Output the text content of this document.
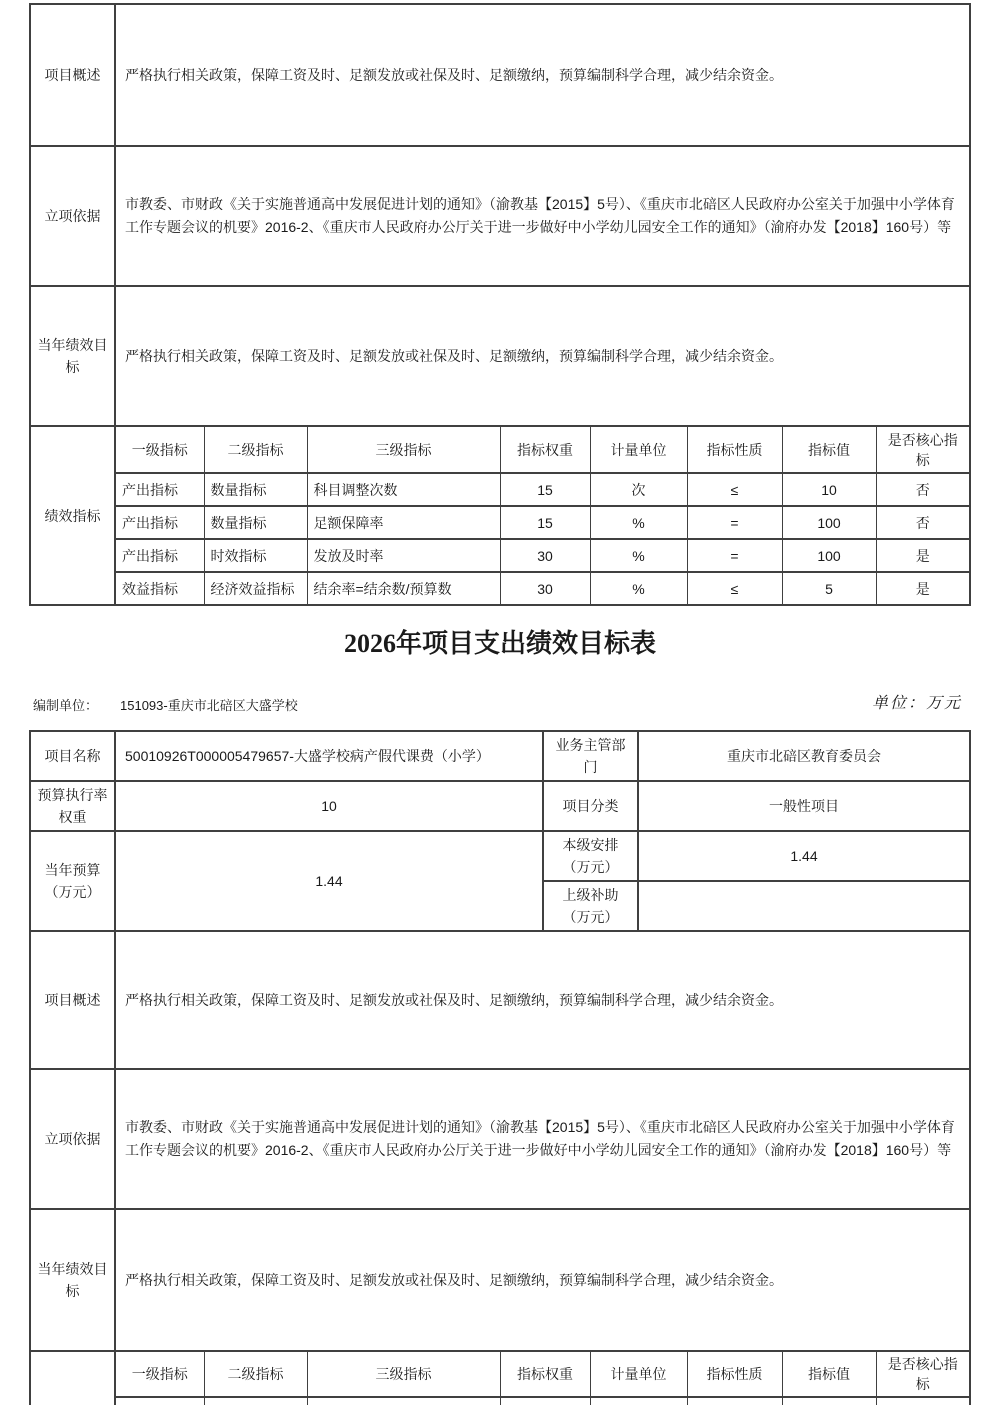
项目概述	严格执行相关政策，保障工资及时、足额发放或社保及时、足额缴纳，预算编制科学合理，减少结余资金。							
立项依据	市教委、市财政《关于实施普通高中发展促进计划的通知》（渝教基【2015】5号）、《重庆市北碚区人民政府办公室关于加强中小学体育工作专题会议的机要》2016-2、《重庆市人民政府办公厅关于进一步做好中小学幼儿园安全工作的通知》（渝府办发【2018】160号）等							
当年绩效目标	严格执行相关政策，保障工资及时、足额发放或社保及时、足额缴纳，预算编制科学合理，减少结余资金。							
绩效指标	一级指标	二级指标	三级指标	指标权重	计量单位	指标性质	指标值	是否核心指标
	产出指标	数量指标	科目调整次数	15	次	≤	10	否
	产出指标	数量指标	足额保障率	15	%	=	100	否
	产出指标	时效指标	发放及时率	30	%	=	100	是
	效益指标	经济效益指标	结余率=结余数/预算数	30	%	≤	5	是
2026年项目支出绩效目标表
编制单位： 151093-重庆市北碚区大盛学校	单位：万元
项目名称	50010926T000005479657-大盛学校病产假代课费（小学）				业务主管部门		重庆市北碚区教育委员会			
预算执行率权重	10				项目分类		一般性项目			
当年预算（万元）	1.44				本级安排（万元）		1.44			
					上级补助（万元）					
项目概述	严格执行相关政策，保障工资及时、足额发放或社保及时、足额缴纳，预算编制科学合理，减少结余资金。									
立项依据	市教委、市财政《关于实施普通高中发展促进计划的通知》（渝教基【2015】5号）、《重庆市北碚区人民政府办公室关于加强中小学体育工作专题会议的机要》2016-2、《重庆市人民政府办公厅关于进一步做好中小学幼儿园安全工作的通知》（渝府办发【2018】160号）等									
当年绩效目标	严格执行相关政策，保障工资及时、足额发放或社保及时、足额缴纳，预算编制科学合理，减少结余资金。									
	一级指标	二级指标	三级指标	指标权重		计量单位		指标性质	指标值	是否核心指标
